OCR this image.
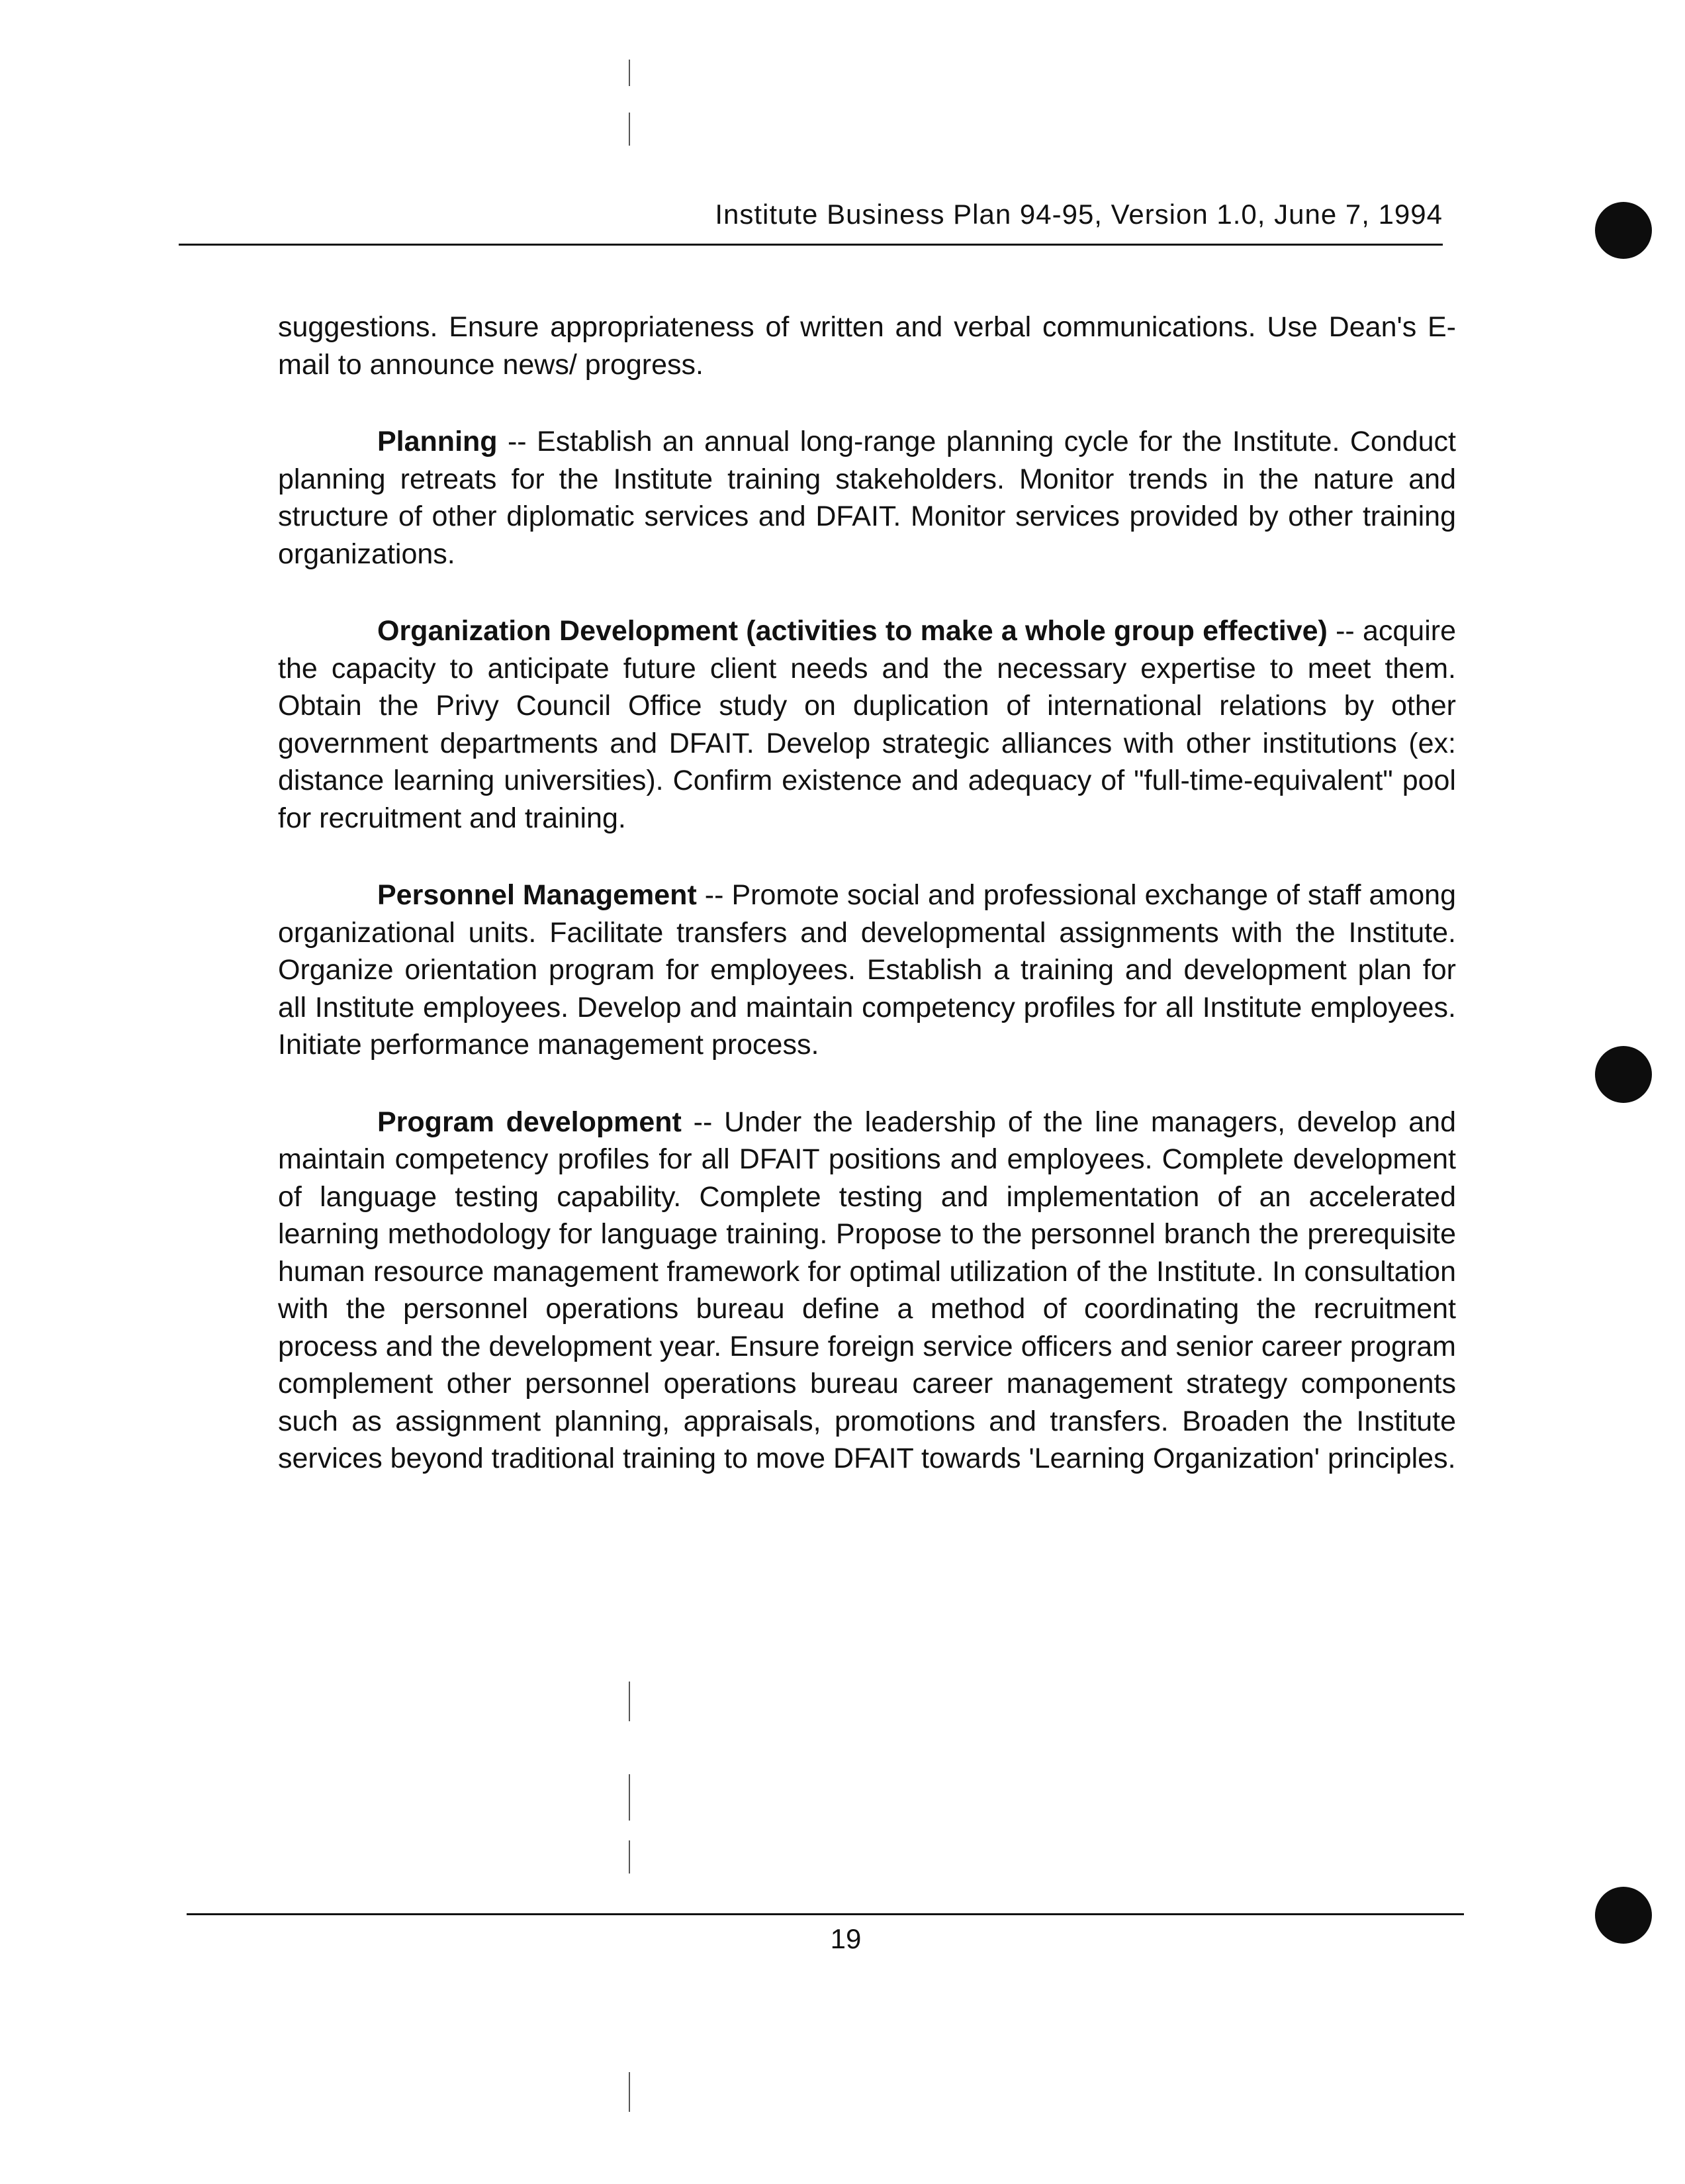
Institute Business Plan 94-95, Version 1.0, June 7, 1994

suggestions. Ensure appropriateness of written and verbal communications. Use Dean's E-mail to announce news/ progress.

Planning -- Establish an annual long-range planning cycle for the Institute. Conduct planning retreats for the Institute training stakeholders. Monitor trends in the nature and structure of other diplomatic services and DFAIT. Monitor services provided by other training organizations.

Organization Development (activities to make a whole group effective) -- acquire the capacity to anticipate future client needs and the necessary expertise to meet them. Obtain the Privy Council Office study on duplication of international relations by other government departments and DFAIT. Develop strategic alliances with other institutions (ex: distance learning universities). Confirm existence and adequacy of "full-time-equivalent" pool for recruitment and training.

Personnel Management -- Promote social and professional exchange of staff among organizational units. Facilitate transfers and developmental assignments with the Institute. Organize orientation program for employees. Establish a training and development plan for all Institute employees. Develop and maintain competency profiles for all Institute employees. Initiate performance management process.

Program development -- Under the leadership of the line managers, develop and maintain competency profiles for all DFAIT positions and employees. Complete development of language testing capability. Complete testing and implementation of an accelerated learning methodology for language training. Propose to the personnel branch the prerequisite human resource management framework for optimal utilization of the Institute. In consultation with the personnel operations bureau define a method of coordinating the recruitment process and the development year. Ensure foreign service officers and senior career program complement other personnel operations bureau career management strategy components such as assignment planning, appraisals, promotions and transfers. Broaden the Institute services beyond traditional training to move DFAIT towards 'Learning Organization' principles.

19
